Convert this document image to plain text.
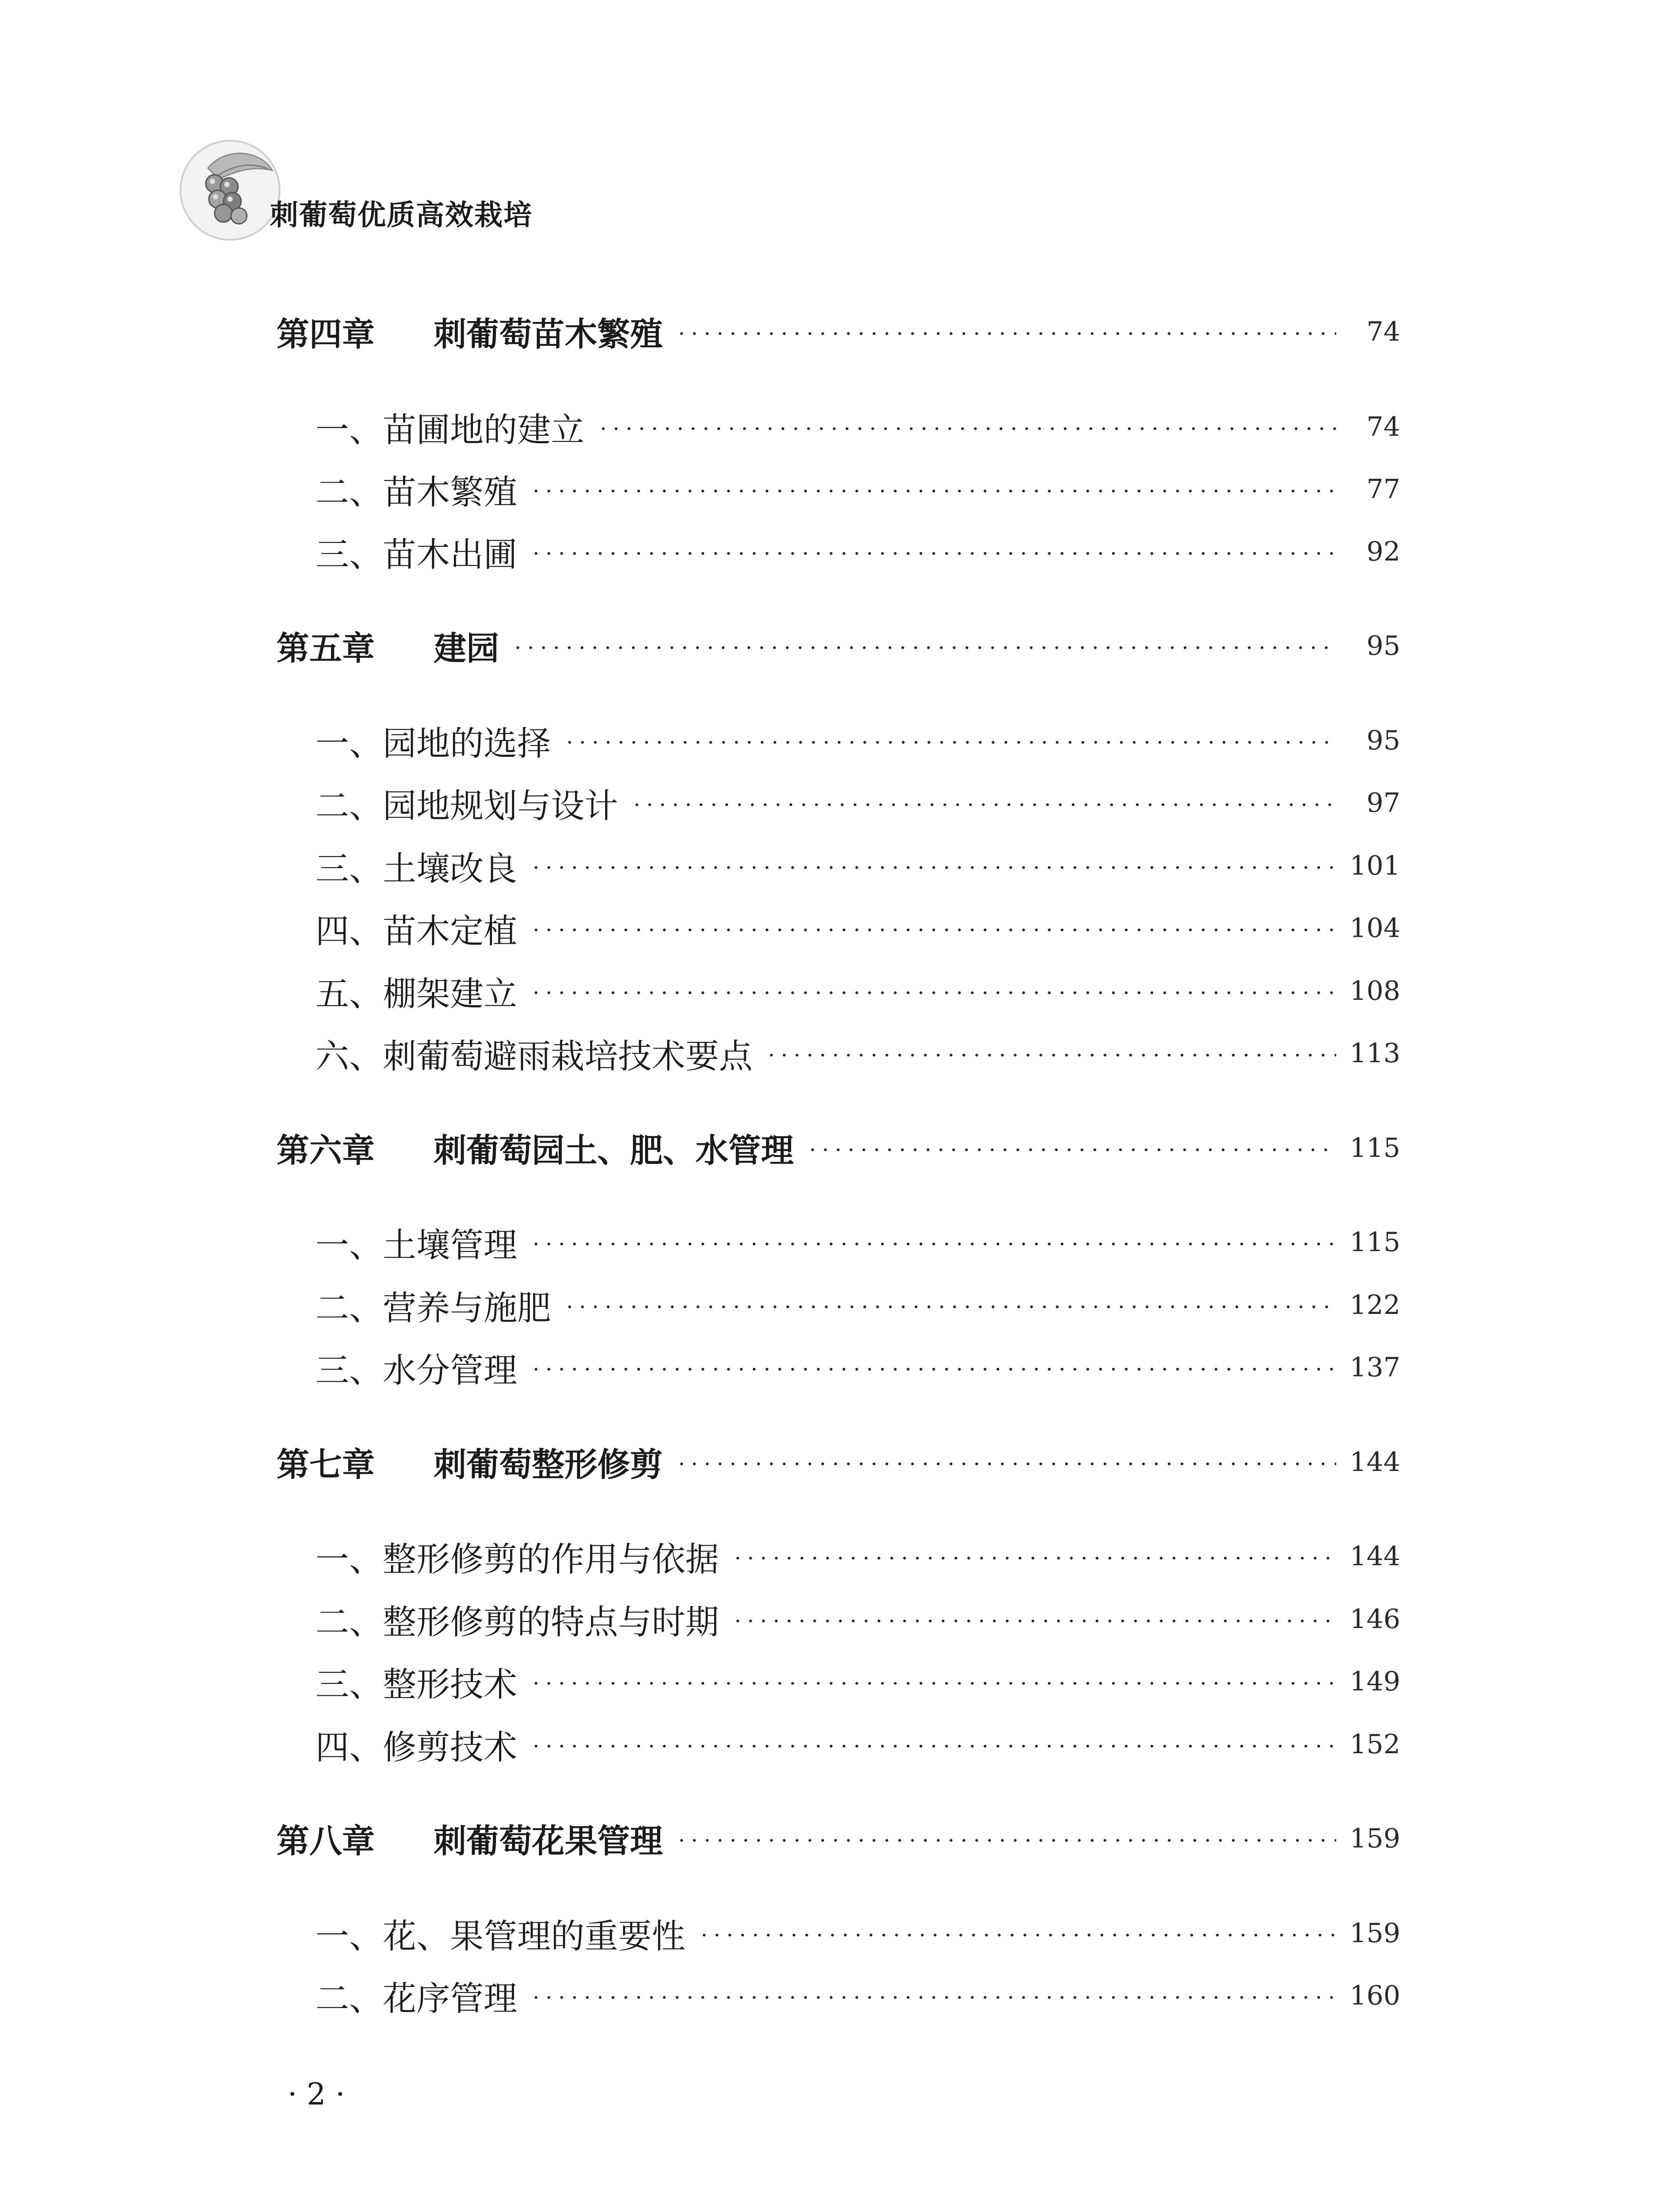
刺葡萄优质高效栽培
第四章	刺葡萄苗木繁殖	74
一、苗圃地的建立	74
二、苗木繁殖	77
三、苗木出圃	92
第五章	建园	95
一、园地的选择	95
二、园地规划与设计	97
三、土壤改良	101
四、苗木定植	104
五、棚架建立	108
六、刺葡萄避雨栽培技术要点	113
第六章	刺葡萄园土、肥、水管理	115
一、土壤管理	115
二、营养与施肥	122
三、水分管理	137
第七章	刺葡萄整形修剪	144
一、整形修剪的作用与依据	144
二、整形修剪的特点与时期	146
三、整形技术	149
四、修剪技术	152
第八章	刺葡萄花果管理	159
一、花、果管理的重要性	159
二、花序管理	160
· 2 ·
